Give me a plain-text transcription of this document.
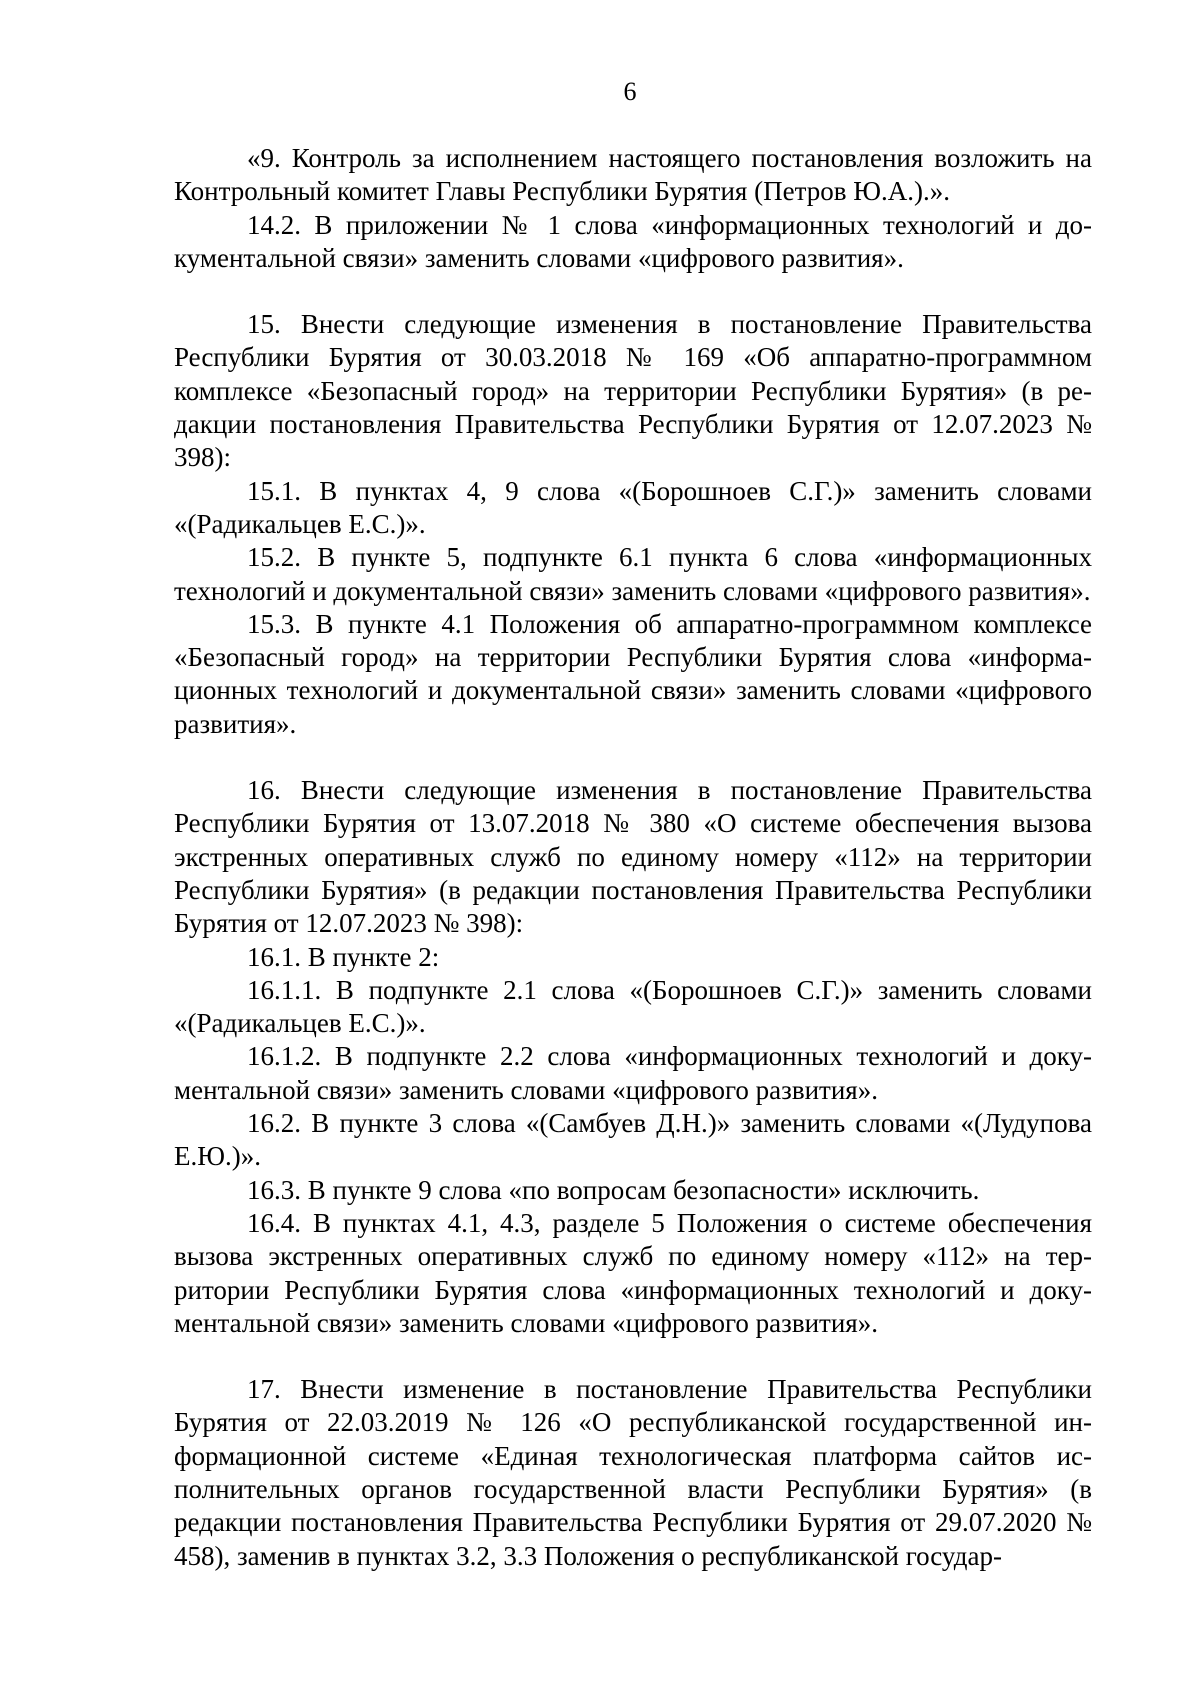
6

«9. Контроль за исполнением настоящего постановления возложить на Контрольный комитет Главы Республики Бурятия (Петров Ю.А.).».

14.2. В приложении № 1 слова «информационных технологий и документальной связи» заменить словами «цифрового развития».

15. Внести следующие изменения в постановление Правительства Республики Бурятия от 30.03.2018 № 169 «Об аппаратно-программном комплексе «Безопасный город» на территории Республики Бурятия» (в редакции постановления Правительства Республики Бурятия от 12.07.2023 № 398):

15.1. В пунктах 4, 9 слова «(Борошноев С.Г.)» заменить словами «(Радикальцев Е.С.)».

15.2. В пункте 5, подпункте 6.1 пункта 6 слова «информационных технологий и документальной связи» заменить словами «цифрового развития».

15.3. В пункте 4.1 Положения об аппаратно-программном комплексе «Безопасный город» на территории Республики Бурятия слова «информационных технологий и документальной связи» заменить словами «цифрового развития».

16. Внести следующие изменения в постановление Правительства Республики Бурятия от 13.07.2018 № 380 «О системе обеспечения вызова экстренных оперативных служб по единому номеру «112» на территории Республики Бурятия» (в редакции постановления Правительства Республики Бурятия от 12.07.2023 № 398):

16.1. В пункте 2:

16.1.1. В подпункте 2.1 слова «(Борошноев С.Г.)» заменить словами «(Радикальцев Е.С.)».

16.1.2. В подпункте 2.2 слова «информационных технологий и документальной связи» заменить словами «цифрового развития».

16.2. В пункте 3 слова «(Самбуев Д.Н.)» заменить словами «(Лудупова Е.Ю.)».

16.3. В пункте 9 слова «по вопросам безопасности» исключить.

16.4. В пунктах 4.1, 4.3, разделе 5 Положения о системе обеспечения вызова экстренных оперативных служб по единому номеру «112» на территории Республики Бурятия слова «информационных технологий и документальной связи» заменить словами «цифрового развития».

17. Внести изменение в постановление Правительства Республики Бурятия от 22.03.2019 № 126 «О республиканской государственной информационной системе «Единая технологическая платформа сайтов исполнительных органов государственной власти Республики Бурятия» (в редакции постановления Правительства Республики Бурятия от 29.07.2020 № 458), заменив в пунктах 3.2, 3.3 Положения о республиканской государ-
